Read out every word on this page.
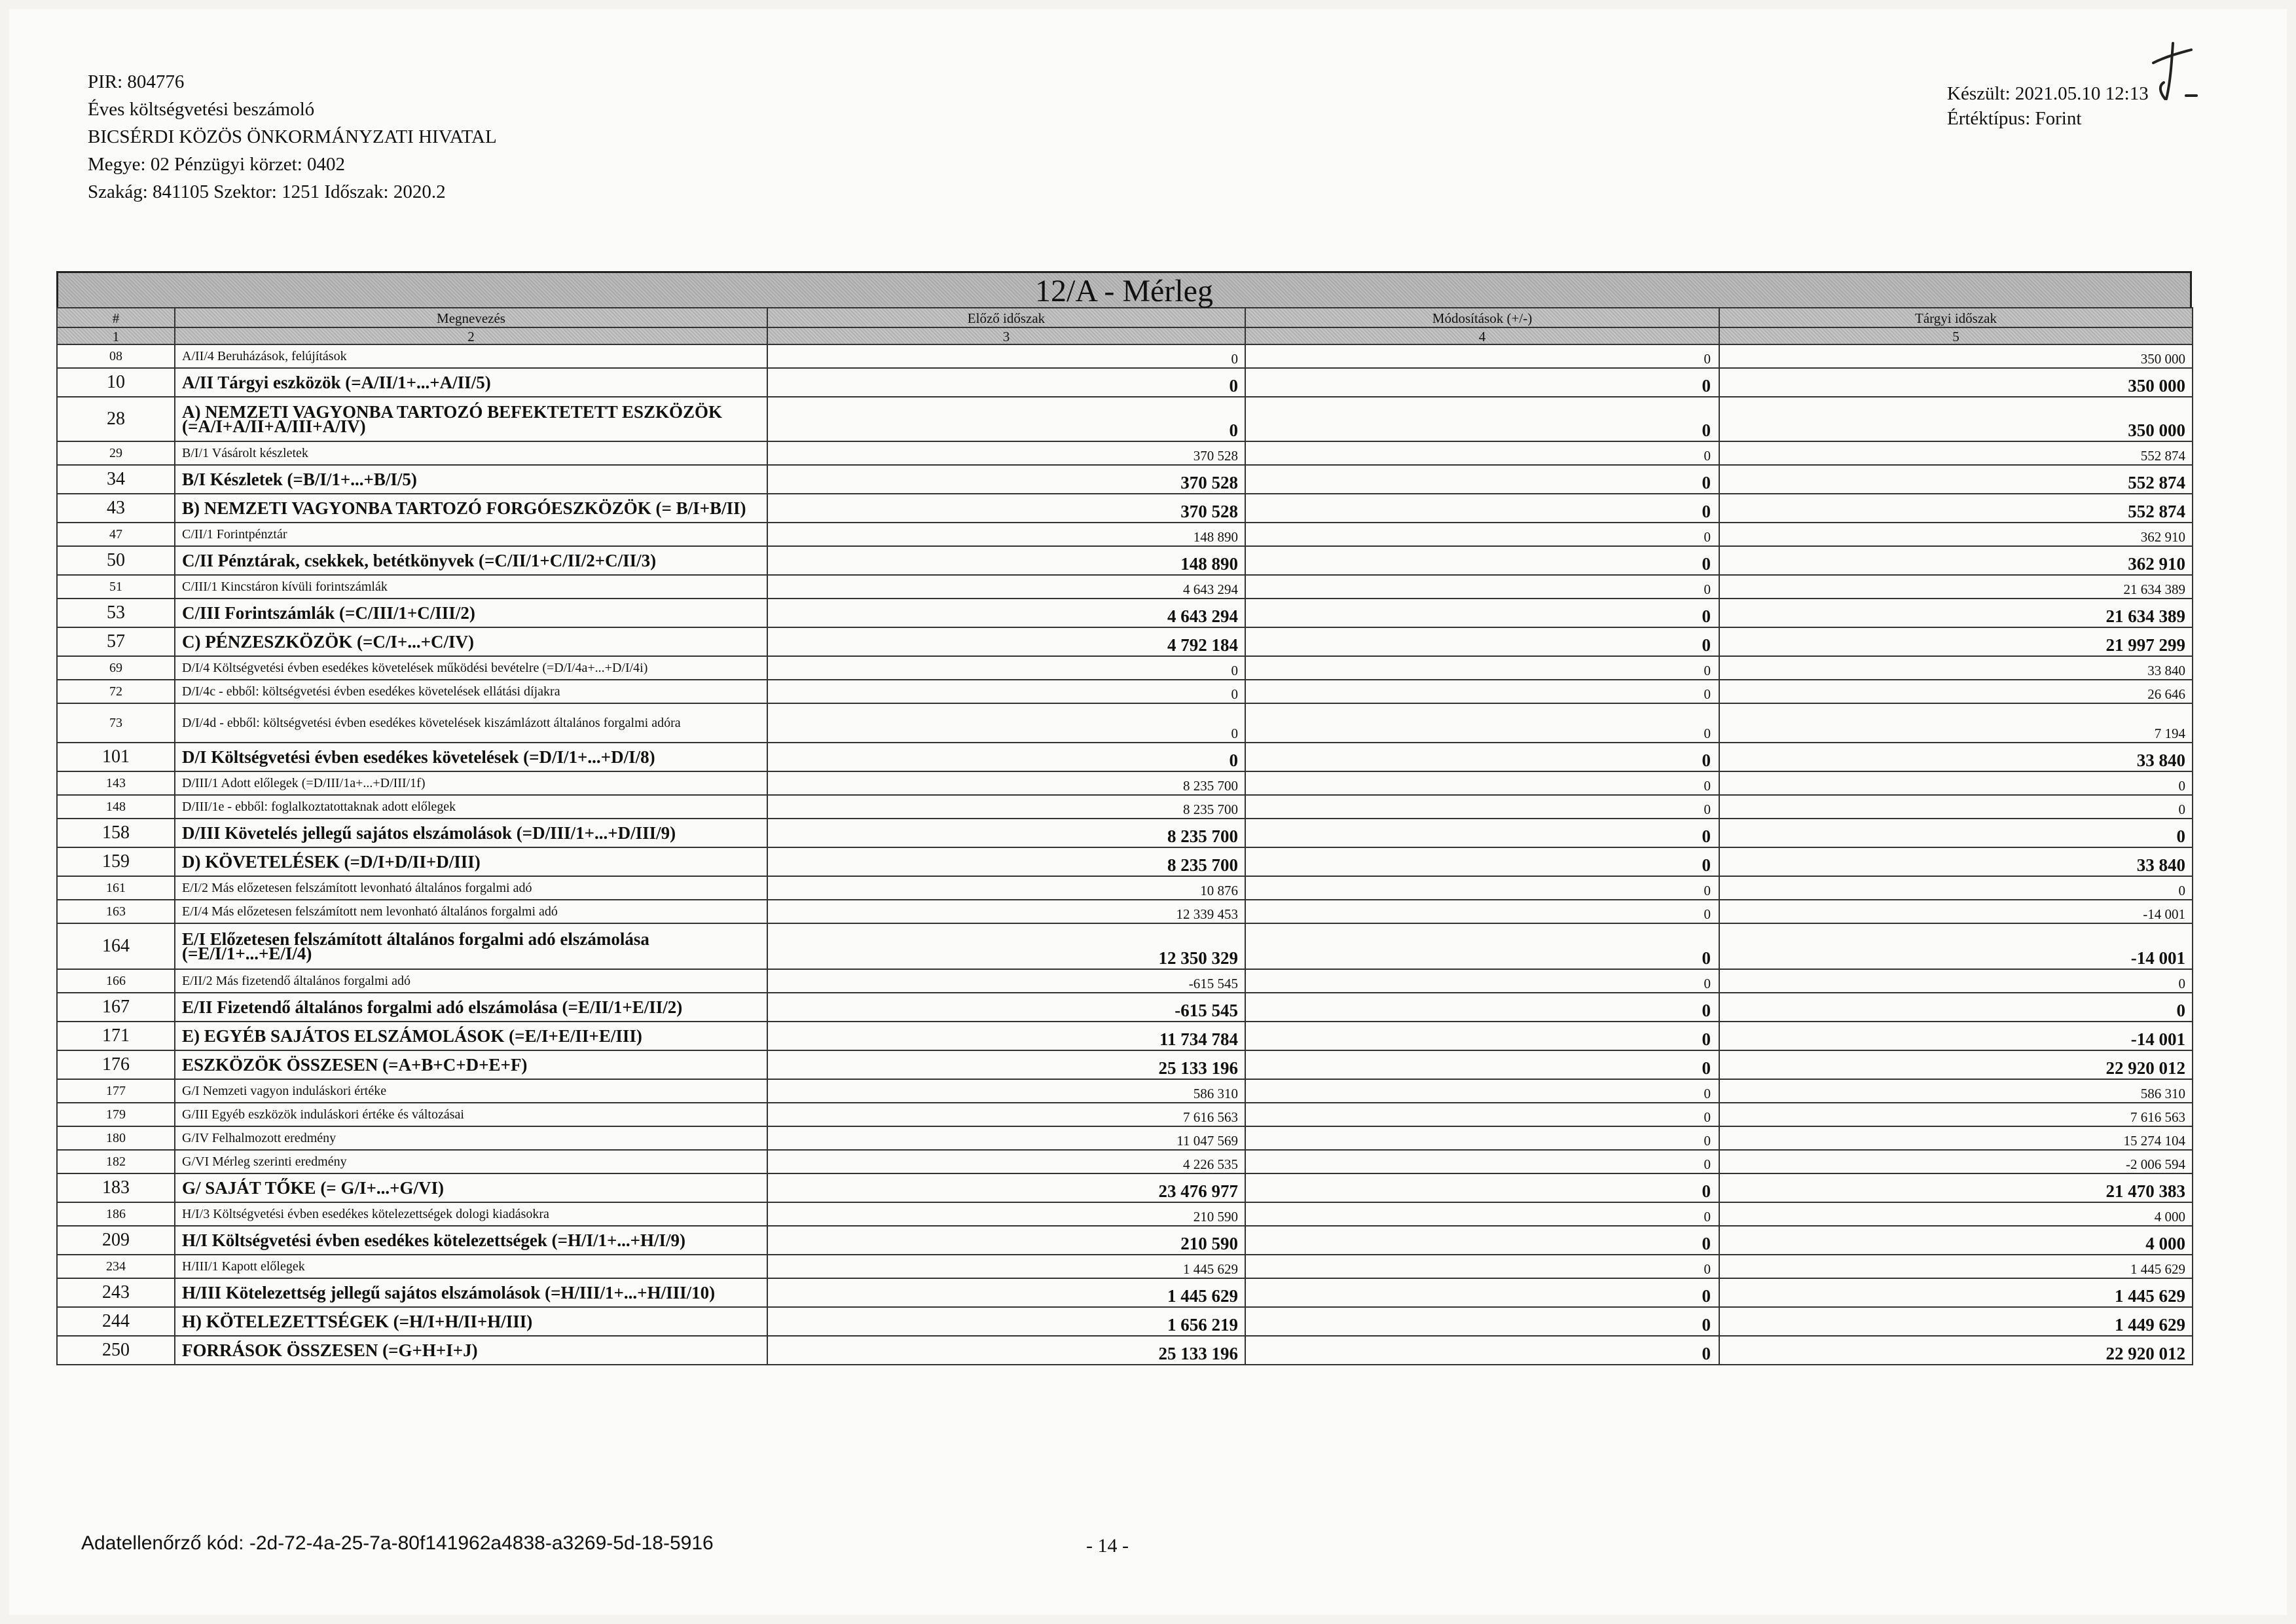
PIR: 804776
Éves költségvetési beszámoló
BICSÉRDI KÖZÖS ÖNKORMÁNYZATI HIVATAL
Megye: 02 Pénzügyi körzet: 0402
Szakág: 841105 Szektor: 1251 Időszak: 2020.2
Készült: 2021.05.10 12:13
Értéktípus: Forint
12/A - Mérleg
#	Megnevezés	Előző időszak	Módosítások (+/-)	Tárgyi időszak
1	2	3	4	5
08	A/II/4 Beruházások, felújítások	0	0	350 000
10	A/II Tárgyi eszközök (=A/II/1+...+A/II/5)	0	0	350 000
28	A) NEMZETI VAGYONBA TARTOZÓ BEFEKTETETT ESZKÖZÖK (=A/I+A/II+A/III+A/IV)	0	0	350 000
29	B/I/1 Vásárolt készletek	370 528	0	552 874
34	B/I Készletek (=B/I/1+...+B/I/5)	370 528	0	552 874
43	B) NEMZETI VAGYONBA TARTOZÓ FORGÓESZKÖZÖK (= B/I+B/II)	370 528	0	552 874
47	C/II/1 Forintpénztár	148 890	0	362 910
50	C/II Pénztárak, csekkek, betétkönyvek (=C/II/1+C/II/2+C/II/3)	148 890	0	362 910
51	C/III/1 Kincstáron kívüli forintszámlák	4 643 294	0	21 634 389
53	C/III Forintszámlák (=C/III/1+C/III/2)	4 643 294	0	21 634 389
57	C) PÉNZESZKÖZÖK (=C/I+...+C/IV)	4 792 184	0	21 997 299
69	D/I/4 Költségvetési évben esedékes követelések működési bevételre (=D/I/4a+...+D/I/4i)	0	0	33 840
72	D/I/4c - ebből: költségvetési évben esedékes követelések ellátási díjakra	0	0	26 646
73	D/I/4d - ebből: költségvetési évben esedékes követelések kiszámlázott általános forgalmi adóra	0	0	7 194
101	D/I Költségvetési évben esedékes követelések (=D/I/1+...+D/I/8)	0	0	33 840
143	D/III/1 Adott előlegek (=D/III/1a+...+D/III/1f)	8 235 700	0	0
148	D/III/1e - ebből: foglalkoztatottaknak adott előlegek	8 235 700	0	0
158	D/III Követelés jellegű sajátos elszámolások (=D/III/1+...+D/III/9)	8 235 700	0	0
159	D) KÖVETELÉSEK (=D/I+D/II+D/III)	8 235 700	0	33 840
161	E/I/2 Más előzetesen felszámított levonható általános forgalmi adó	10 876	0	0
163	E/I/4 Más előzetesen felszámított nem levonható általános forgalmi adó	12 339 453	0	-14 001
164	E/I Előzetesen felszámított általános forgalmi adó elszámolása (=E/I/1+...+E/I/4)	12 350 329	0	-14 001
166	E/II/2 Más fizetendő általános forgalmi adó	-615 545	0	0
167	E/II Fizetendő általános forgalmi adó elszámolása (=E/II/1+E/II/2)	-615 545	0	0
171	E) EGYÉB SAJÁTOS ELSZÁMOLÁSOK (=E/I+E/II+E/III)	11 734 784	0	-14 001
176	ESZKÖZÖK ÖSSZESEN (=A+B+C+D+E+F)	25 133 196	0	22 920 012
177	G/I Nemzeti vagyon induláskori értéke	586 310	0	586 310
179	G/III Egyéb eszközök induláskori értéke és változásai	7 616 563	0	7 616 563
180	G/IV Felhalmozott eredmény	11 047 569	0	15 274 104
182	G/VI Mérleg szerinti eredmény	4 226 535	0	-2 006 594
183	G/ SAJÁT TŐKE (= G/I+...+G/VI)	23 476 977	0	21 470 383
186	H/I/3 Költségvetési évben esedékes kötelezettségek dologi kiadásokra	210 590	0	4 000
209	H/I Költségvetési évben esedékes kötelezettségek (=H/I/1+...+H/I/9)	210 590	0	4 000
234	H/III/1 Kapott előlegek	1 445 629	0	1 445 629
243	H/III Kötelezettség jellegű sajátos elszámolások (=H/III/1+...+H/III/10)	1 445 629	0	1 445 629
244	H) KÖTELEZETTSÉGEK (=H/I+H/II+H/III)	1 656 219	0	1 449 629
250	FORRÁSOK ÖSSZESEN (=G+H+I+J)	25 133 196	0	22 920 012
Adatellenőrző kód: -2d-72-4a-25-7a-80f141962a4838-a3269-5d-18-5916	- 14 -
